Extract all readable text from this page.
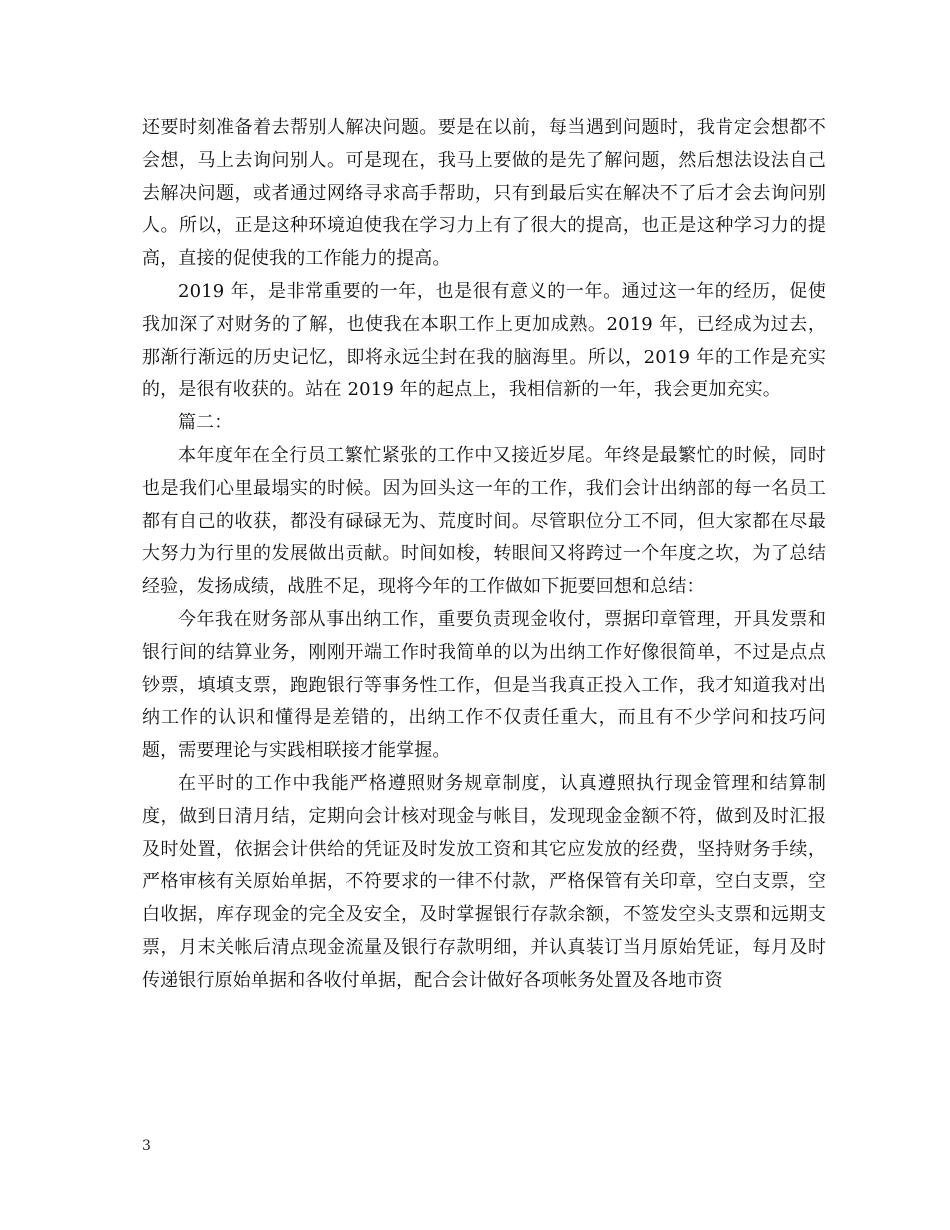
还要时刻准备着去帮别人解决问题。要是在以前，每当遇到问题时，我肯定会想都不会想，马上去询问别人。可是现在，我马上要做的是先了解问题，然后想法设法自己去解决问题，或者通过网络寻求高手帮助，只有到最后实在解决不了后才会去询问别人。所以，正是这种环境迫使我在学习力上有了很大的提高，也正是这种学习力的提高，直接的促使我的工作能力的提高。

2019 年，是非常重要的一年，也是很有意义的一年。通过这一年的经历，促使我加深了对财务的了解，也使我在本职工作上更加成熟。2019 年，已经成为过去，那渐行渐远的历史记忆，即将永远尘封在我的脑海里。所以，2019 年的工作是充实的，是很有收获的。站在 2019 年的起点上，我相信新的一年，我会更加充实。

篇二：

本年度年在全行员工繁忙紧张的工作中又接近岁尾。年终是最繁忙的时候，同时也是我们心里最塌实的时候。因为回头这一年的工作，我们会计出纳部的每一名员工都有自己的收获，都没有碌碌无为、荒度时间。尽管职位分工不同，但大家都在尽最大努力为行里的发展做出贡献。时间如梭，转眼间又将跨过一个年度之坎，为了总结经验，发扬成绩，战胜不足，现将今年的工作做如下扼要回想和总结：

今年我在财务部从事出纳工作，重要负责现金收付，票据印章管理，开具发票和银行间的结算业务，刚刚开端工作时我简单的以为出纳工作好像很简单，不过是点点钞票，填填支票，跑跑银行等事务性工作，但是当我真正投入工作，我才知道我对出纳工作的认识和懂得是差错的，出纳工作不仅责任重大，而且有不少学问和技巧问题，需要理论与实践相联接才能掌握。

在平时的工作中我能严格遵照财务规章制度，认真遵照执行现金管理和结算制度，做到日清月结，定期向会计核对现金与帐目，发现现金金额不符，做到及时汇报及时处置，依据会计供给的凭证及时发放工资和其它应发放的经费，坚持财务手续，严格审核有关原始单据，不符要求的一律不付款，严格保管有关印章，空白支票，空白收据，库存现金的完全及安全，及时掌握银行存款余额，不签发空头支票和远期支票，月末关帐后清点现金流量及银行存款明细，并认真装订当月原始凭证，每月及时传递银行原始单据和各收付单据，配合会计做好各项帐务处置及各地市资

3
